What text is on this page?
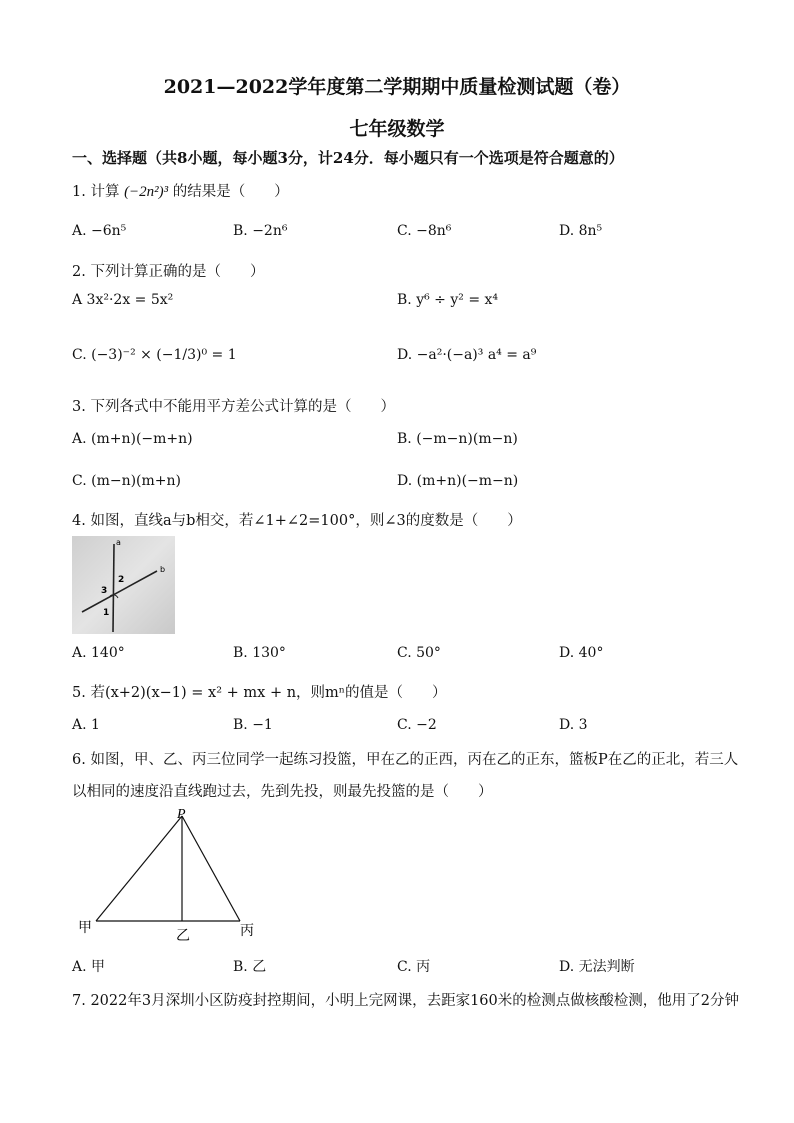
2021—2022学年度第二学期期中质量检测试题（卷）
七年级数学
一、选择题（共8小题，每小题3分，计24分．每小题只有一个选项是符合题意的）
1. 计算 (−2n²)³ 的结果是（　　）
A. −6n⁵	B. −2n⁶	C. −8n⁶	D. 8n⁵
2. 下列计算正确的是（　　）
A 3x²·2x = 5x²	B. y⁶ ÷ y² = x⁴
C. (−3)⁻² × (−1/3)⁰ = 1	D. −a²·(−a)³ a⁴ = a⁹
3. 下列各式中不能用平方差公式计算的是（　　）
A. (m+n)(−m+n)	B. (−m−n)(m−n)
C. (m−n)(m+n)	D. (m+n)(−m−n)
4. 如图，直线a与b相交，若∠1+∠2=100°，则∠3的度数是（　　）
a
b
2
3
1
A. 140°	B. 130°	C. 50°	D. 40°
5. 若(x+2)(x−1) = x² + mx + n，则mⁿ的值是（　　）
A. 1	B. −1	C. −2	D. 3
6. 如图，甲、乙、丙三位同学一起练习投篮，甲在乙的正西，丙在乙的正东，篮板P在乙的正北，若三人
以相同的速度沿直线跑过去，先到先投，则最先投篮的是（　　）
P
甲	乙	丙
A. 甲	B. 乙	C. 丙	D. 无法判断
7. 2022年3月深圳小区防疫封控期间，小明上完网课，去距家160米的检测点做核酸检测，他用了2分钟
